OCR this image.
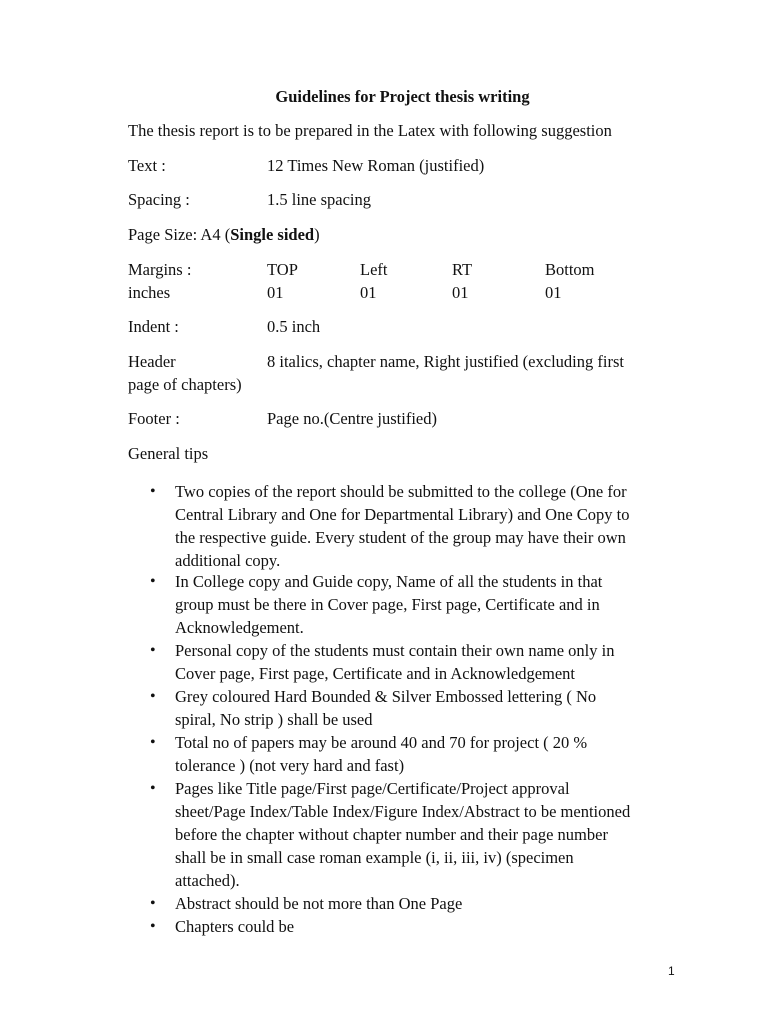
Guidelines for Project thesis writing
The thesis report is to be prepared in the Latex with following suggestion
Text :	12 Times New Roman (justified)
Spacing :	1.5 line spacing
Page Size: A4 (Single sided)
Margins :	TOP	Left	RT	Bottom
inches	01	01	01	01
Indent :	0.5 inch
Header	8 italics, chapter name, Right justified (excluding first
page of chapters)
Footer :	Page no.(Centre justified)
General tips
• Two copies of the report should be submitted to the college (One for
Central Library and One for Departmental Library) and One Copy to
the respective guide. Every student of the group may have their own
additional copy.
• In College copy and Guide copy, Name of all the students in that
group must be there in Cover page, First page, Certificate and in
Acknowledgement.
• Personal copy of the students must contain their own name only in
Cover page, First page, Certificate and in Acknowledgement
• Grey coloured Hard Bounded & Silver Embossed lettering ( No
spiral, No strip ) shall be used
• Total no of papers may be around 40 and 70 for project ( 20 %
tolerance ) (not very hard and fast)
• Pages like Title page/First page/Certificate/Project approval
sheet/Page Index/Table Index/Figure Index/Abstract to be mentioned
before the chapter without chapter number and their page number
shall be in small case roman example (i, ii, iii, iv) (specimen
attached).
• Abstract should be not more than One Page
• Chapters could be
1
